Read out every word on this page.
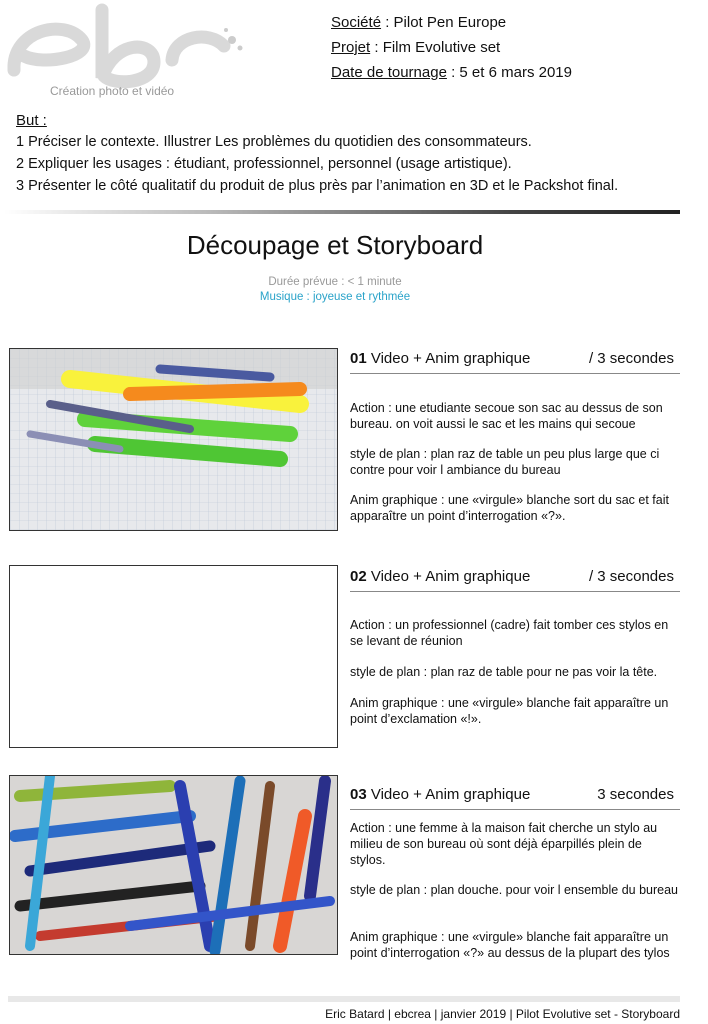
Création photo et vidéo
Société : Pilot Pen Europe
Projet : Film Evolutive set
Date de tournage : 5 et 6 mars 2019
But :
1 Préciser le contexte. Illustrer Les problèmes du quotidien des consommateurs.
2 Expliquer les usages : étudiant, professionnel, personnel (usage artistique).
3 Présenter le côté qualitatif du produit de plus près par l’animation en 3D et le Packshot final.
Découpage et Storyboard
Durée prévue : < 1 minute
Musique : joyeuse et rythmée
01 Video + Anim graphique	/ 3 secondes
Action : une etudiante secoue son sac au dessus de son bureau. on voit aussi le sac et les mains qui secoue
style de plan : plan raz de table un peu plus large que ci contre pour voir l ambiance du bureau
Anim graphique : une «virgule» blanche sort du sac et fait apparaître un point d’interrogation «?».
02 Video + Anim graphique	/ 3 secondes
Action : un professionnel (cadre) fait tomber ces stylos en se levant de réunion
style de plan : plan raz de table pour ne pas voir la tête.
Anim graphique : une «virgule» blanche fait apparaître un point d’exclamation «!».
03 Video + Anim graphique	3 secondes
Action : une femme à la maison fait cherche un stylo au milieu de son bureau où sont déjà éparpillés plein de stylos.
style de plan : plan douche. pour voir l ensemble du bureau
Anim graphique : une «virgule» blanche fait apparaître un point d’interrogation «?» au dessus de la plupart des tylos
Eric Batard | ebcrea | janvier 2019 | Pilot Evolutive set - Storyboard
